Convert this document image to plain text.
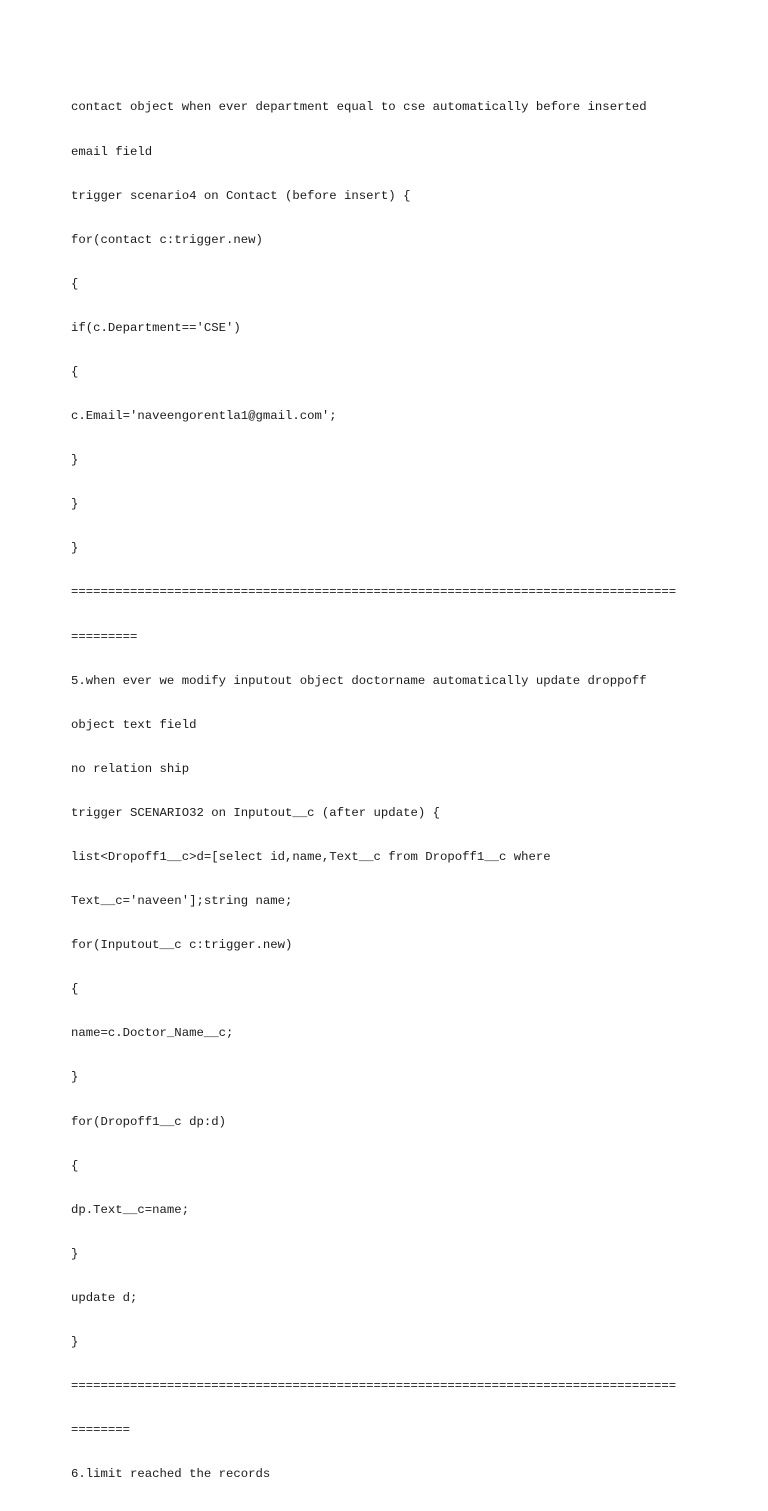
contact object when ever department equal to cse automatically before inserted

email field

trigger scenario4 on Contact (before insert) {

for(contact c:trigger.new)

{

if(c.Department=='CSE')

{

c.Email='naveengorentla1@gmail.com';

}

}

}

==================================================================================

=========

5.when ever we modify inputout object doctorname automatically update droppoff

object text field

no relation ship

trigger SCENARIO32 on Inputout__c (after update) {

list<Dropoff1__c>d=[select id,name,Text__c from Dropoff1__c where

Text__c='naveen'];string name;

for(Inputout__c c:trigger.new)

{

name=c.Doctor_Name__c;

}

for(Dropoff1__c dp:d)

{

dp.Text__c=name;

}

update d;

}

==================================================================================

========

6.limit reached the records
